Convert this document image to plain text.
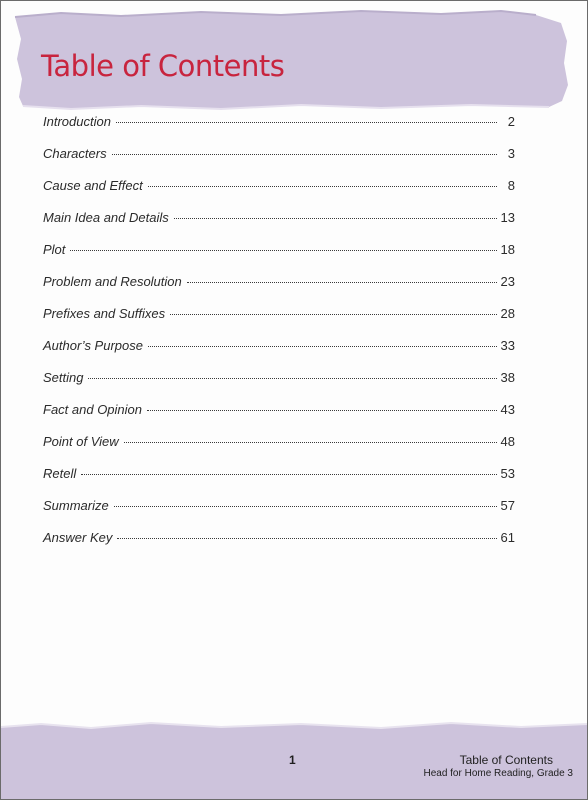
Table of Contents
Introduction	2
Characters	3
Cause and Effect	8
Main Idea and Details	13
Plot	18
Problem and Resolution	23
Prefixes and Suffixes	28
Author’s Purpose	33
Setting	38
Fact and Opinion	43
Point of View	48
Retell	53
Summarize	57
Answer Key	61
1	Table of Contents
Head for Home Reading, Grade 3
